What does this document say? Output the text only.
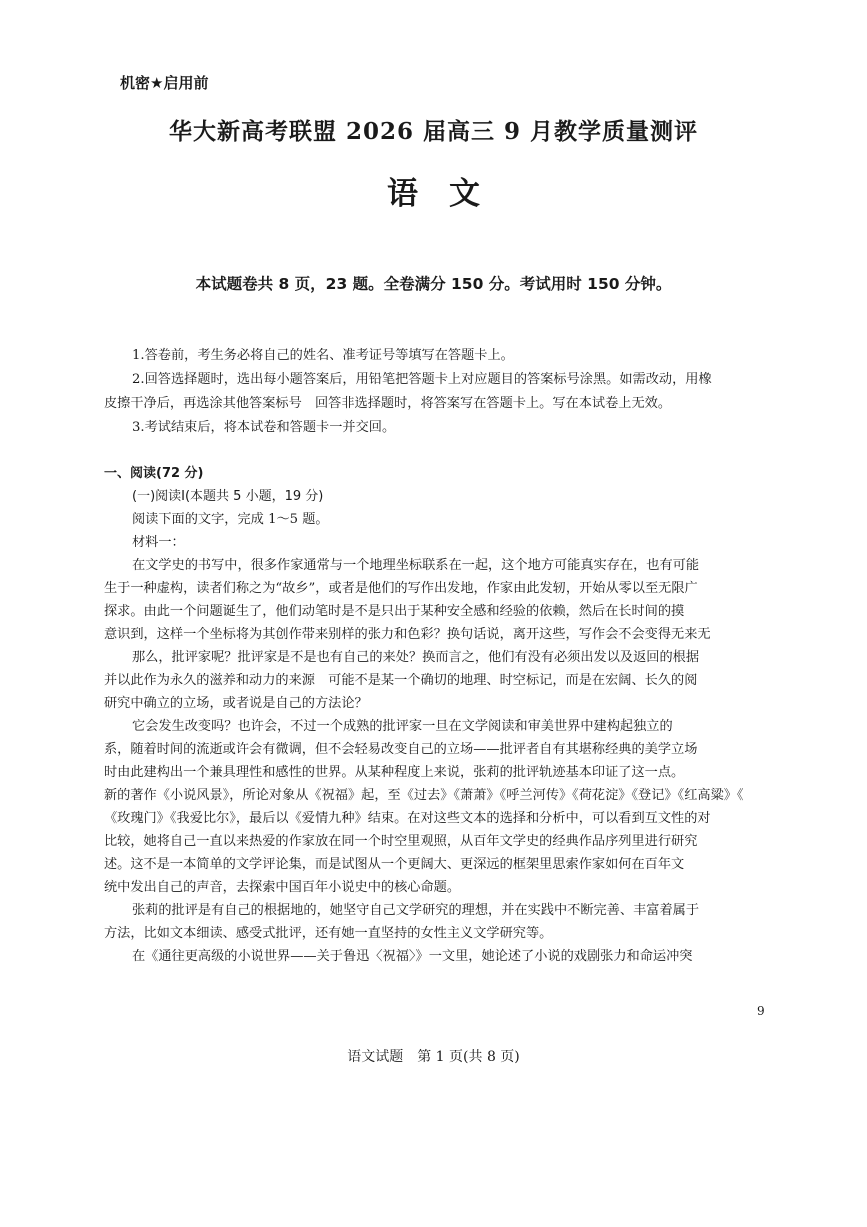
机密★启用前
华大新高考联盟 2026 届高三 9 月教学质量测评
语　文
本试题卷共 8 页，23 题。全卷满分 150 分。考试用时 150 分钟。

1.答卷前，考生务必将自己的姓名、准考证号等填写在答题卡上。

2.回答选择题时，选出每小题答案后，用铅笔把答题卡上对应题目的答案标号涂黑。如需改动，用橡

皮擦干净后，再选涂其他答案标号　回答非选择题时，将答案写在答题卡上。写在本试卷上无效。

3.考试结束后，将本试卷和答题卡一并交回。

一、阅读(72 分)

(一)阅读Ⅰ(本题共 5 小题，19 分)

阅读下面的文字，完成 1～5 题。

材料一：

在文学史的书写中，很多作家通常与一个地理坐标联系在一起，这个地方可能真实存在，也有可能

生于一种虚构，读者们称之为“故乡”，或者是他们的写作出发地，作家由此发轫，开始从零以至无限广

探求。由此一个问题诞生了，他们动笔时是不是只出于某种安全感和经验的依赖，然后在长时间的摸

意识到，这样一个坐标将为其创作带来别样的张力和色彩？换句话说，离开这些，写作会不会变得无来无

那么，批评家呢？批评家是不是也有自己的来处？换而言之，他们有没有必须出发以及返回的根据

并以此作为永久的滋养和动力的来源　可能不是某一个确切的地理、时空标记，而是在宏阔、长久的阅

研究中确立的立场，或者说是自己的方法论？

它会发生改变吗？也许会，不过一个成熟的批评家一旦在文学阅读和审美世界中建构起独立的

系，随着时间的流逝或许会有微调，但不会轻易改变自己的立场——批评者自有其堪称经典的美学立场

时由此建构出一个兼具理性和感性的世界。从某种程度上来说，张莉的批评轨迹基本印证了这一点。

新的著作《小说风景》，所论对象从《祝福》起，至《过去》《萧萧》《呼兰河传》《荷花淀》《登记》《红高粱》《

《玫瑰门》《我爱比尔》，最后以《爱情九种》结束。在对这些文本的选择和分析中，可以看到互文性的对

比较，她将自己一直以来热爱的作家放在同一个时空里观照，从百年文学史的经典作品序列里进行研究

述。这不是一本简单的文学评论集，而是试图从一个更阔大、更深远的框架里思索作家如何在百年文

统中发出自己的声音，去探索中国百年小说史中的核心命题。

张莉的批评是有自己的根据地的，她坚守自己文学研究的理想，并在实践中不断完善、丰富着属于

方法，比如文本细读、感受式批评，还有她一直坚持的女性主义文学研究等。

在《通往更高级的小说世界——关于鲁迅〈祝福〉》一文里，她论述了小说的戏剧张力和命运冲突

9
语文试题　第 1 页(共 8 页)
